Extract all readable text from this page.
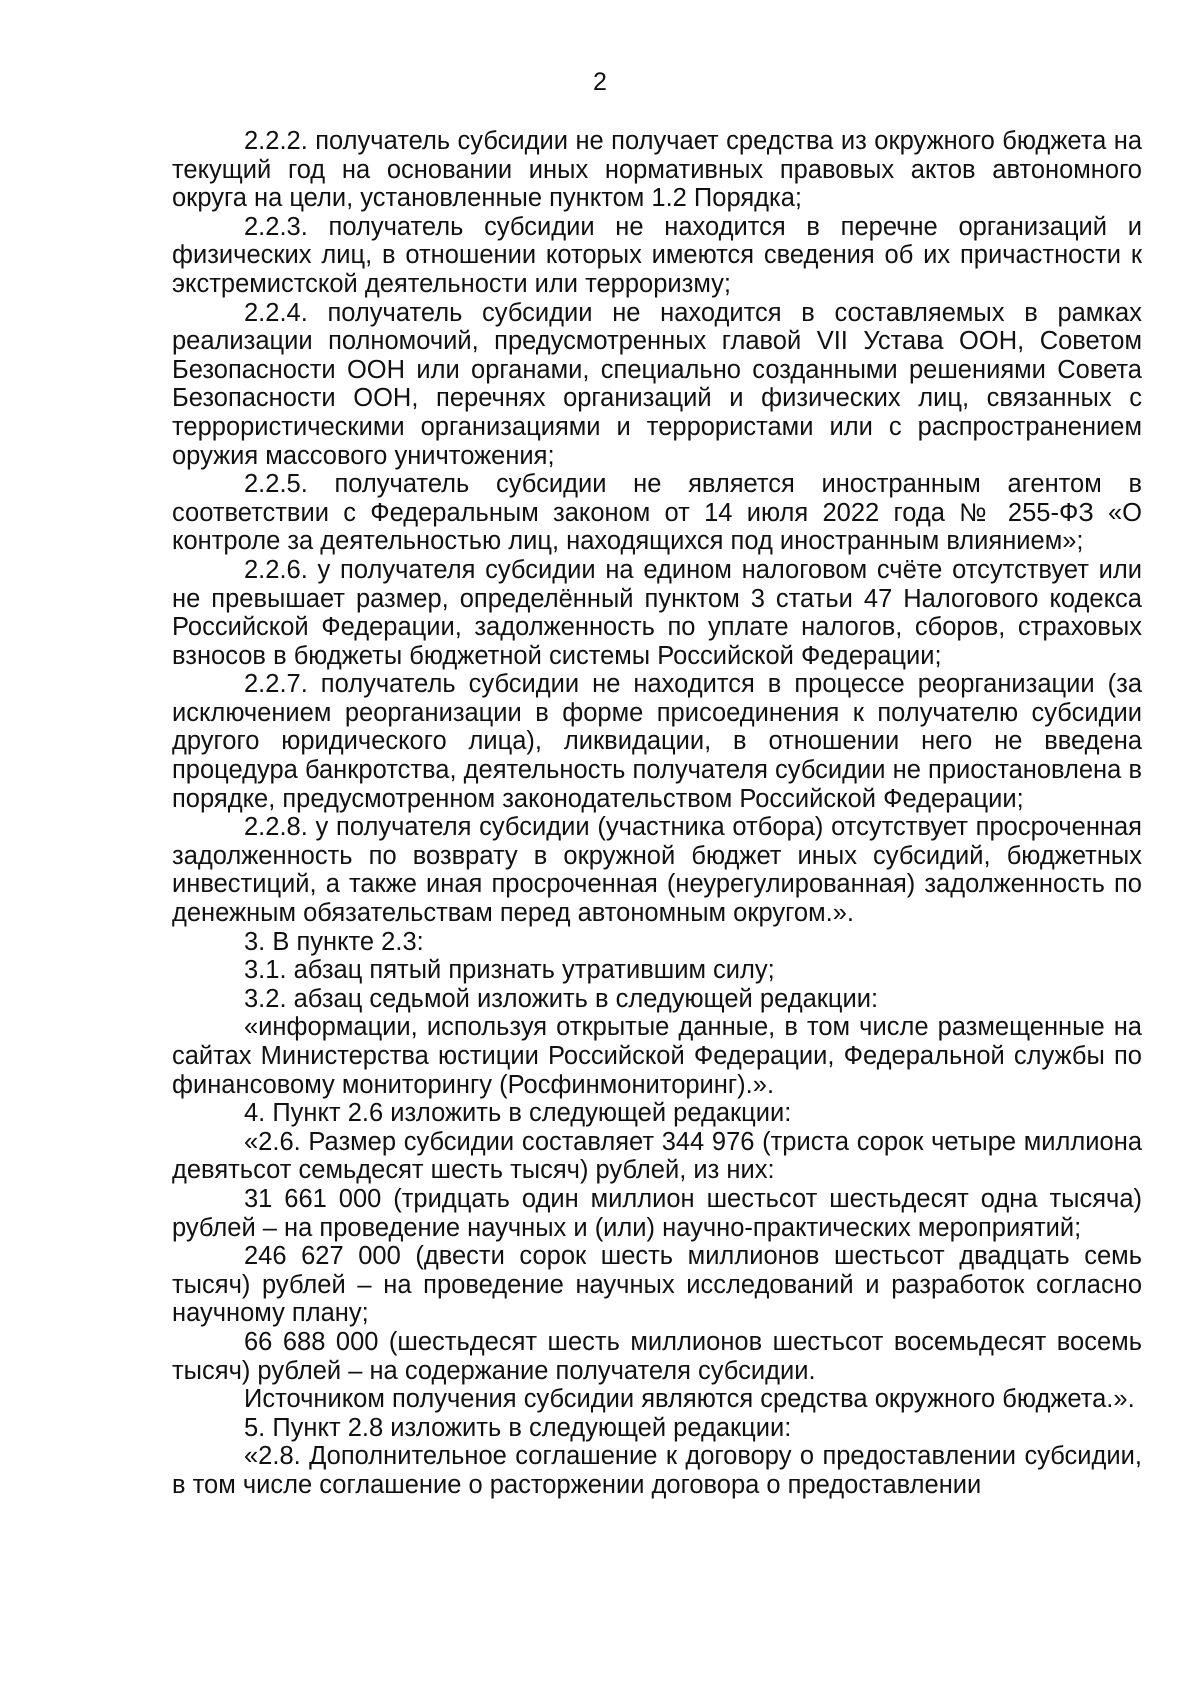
2

2.2.2. получатель субсидии не получает средства из окружного бюджета на текущий год на основании иных нормативных правовых актов автономного округа на цели, установленные пунктом 1.2 Порядка;

2.2.3. получатель субсидии не находится в перечне организаций и физических лиц, в отношении которых имеются сведения об их причастности к экстремистской деятельности или терроризму;

2.2.4. получатель субсидии не находится в составляемых в рамках реализации полномочий, предусмотренных главой VII Устава ООН, Советом Безопасности ООН или органами, специально созданными решениями Совета Безопасности ООН, перечнях организаций и физических лиц, связанных с террористическими организациями и террористами или с распространением оружия массового уничтожения;

2.2.5. получатель субсидии не является иностранным агентом в соответствии с Федеральным законом от 14 июля 2022 года № 255-ФЗ «О контроле за деятельностью лиц, находящихся под иностранным влиянием»;

2.2.6. у получателя субсидии на едином налоговом счёте отсутствует или не превышает размер, определённый пунктом 3 статьи 47 Налогового кодекса Российской Федерации, задолженность по уплате налогов, сборов, страховых взносов в бюджеты бюджетной системы Российской Федерации;

2.2.7. получатель субсидии не находится в процессе реорганизации (за исключением реорганизации в форме присоединения к получателю субсидии другого юридического лица), ликвидации, в отношении него не введена процедура банкротства, деятельность получателя субсидии не приостановлена в порядке, предусмотренном законодательством Российской Федерации;

2.2.8. у получателя субсидии (участника отбора) отсутствует просроченная задолженность по возврату в окружной бюджет иных субсидий, бюджетных инвестиций, а также иная просроченная (неурегулированная) задолженность по денежным обязательствам перед автономным округом.».

3. В пункте 2.3:

3.1. абзац пятый признать утратившим силу;

3.2. абзац седьмой изложить в следующей редакции:

«информации, используя открытые данные, в том числе размещенные на сайтах Министерства юстиции Российской Федерации, Федеральной службы по финансовому мониторингу (Росфинмониторинг).».

4. Пункт 2.6 изложить в следующей редакции:

«2.6. Размер субсидии составляет 344 976 (триста сорок четыре миллиона девятьсот семьдесят шесть тысяч) рублей, из них:

31 661 000 (тридцать один миллион шестьсот шестьдесят одна тысяча) рублей – на проведение научных и (или) научно-практических мероприятий;

246 627 000 (двести сорок шесть миллионов шестьсот двадцать семь тысяч) рублей – на проведение научных исследований и разработок согласно научному плану;

66 688 000 (шестьдесят шесть миллионов шестьсот восемьдесят восемь тысяч) рублей – на содержание получателя субсидии.

Источником получения субсидии являются средства окружного бюджета.».

5. Пункт 2.8 изложить в следующей редакции:

«2.8. Дополнительное соглашение к договору о предоставлении субсидии, в том числе соглашение о расторжении договора о предоставлении
